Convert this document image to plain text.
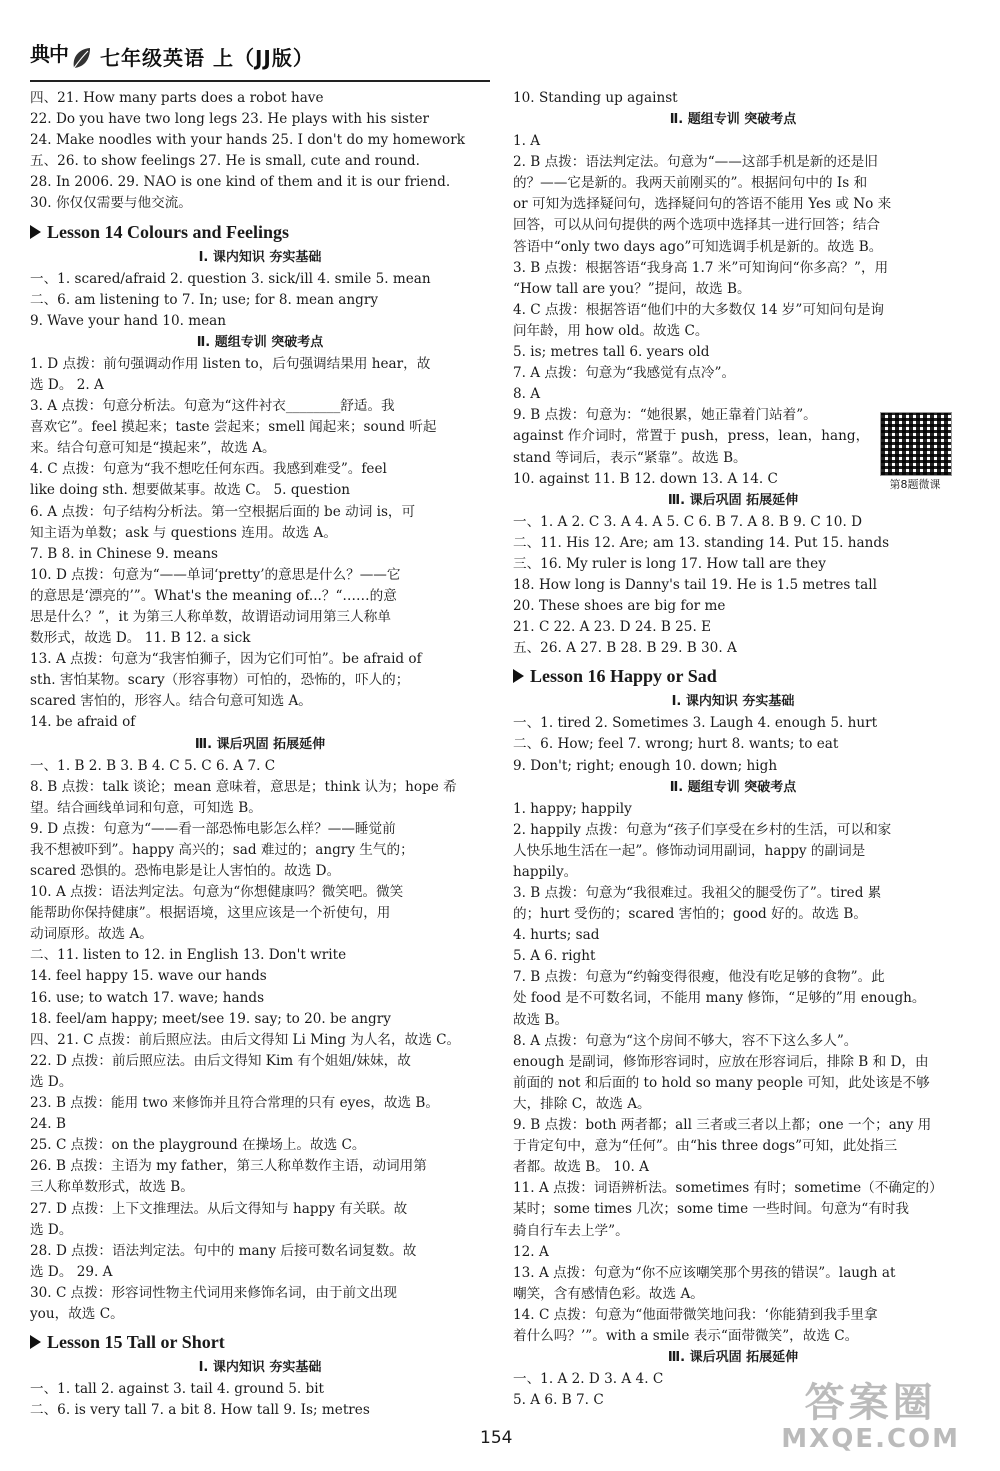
典中	七年级英语 上（JJ版）
四、21. How many parts does a robot have
22. Do you have two long legs 23. He plays with his sister
24. Make noodles with your hands 25. I don't do my homework
五、26. to show feelings 27. He is small, cute and round.
28. In 2006. 29. NAO is one kind of them and it is our friend.
30. 你仅仅需要与他交流。
Lesson 14 Colours and Feelings
Ⅰ. 课内知识 夯实基础
一、1. scared/afraid 2. question 3. sick/ill 4. smile 5. mean
二、6. am listening to 7. In; use; for 8. mean angry
9. Wave your hand 10. mean
Ⅱ. 题组专训 突破考点
1. D 点拨：前句强调动作用 listen to，后句强调结果用 hear，故
选 D。 2. A
3. A 点拨：句意分析法。句意为“这件衬衣________舒适。我
喜欢它”。feel 摸起来；taste 尝起来；smell 闻起来；sound 听起
来。结合句意可知是“摸起来”，故选 A。
4. C 点拨：句意为“我不想吃任何东西。我感到难受”。feel
like doing sth. 想要做某事。故选 C。 5. question
6. A 点拨：句子结构分析法。第一空根据后面的 be 动词 is，可
知主语为单数；ask 与 questions 连用。故选 A。
7. B 8. in Chinese 9. means
10. D 点拨：句意为“——单词‘pretty’的意思是什么？——它
的意思是‘漂亮的’”。What's the meaning of...？“……的意
思是什么？”，it 为第三人称单数，故谓语动词用第三人称单
数形式，故选 D。 11. B 12. a sick
13. A 点拨：句意为“我害怕狮子，因为它们可怕”。be afraid of
sth. 害怕某物。scary（形容事物）可怕的，恐怖的，吓人的；
scared 害怕的，形容人。结合句意可知选 A。
14. be afraid of
Ⅲ. 课后巩固 拓展延伸
一、1. B 2. B 3. B 4. C 5. C 6. A 7. C
8. B 点拨：talk 谈论；mean 意味着，意思是；think 认为；hope 希
望。结合画线单词和句意，可知选 B。
9. D 点拨：句意为“——看一部恐怖电影怎么样？——睡觉前
我不想被吓到”。happy 高兴的；sad 难过的；angry 生气的；
scared 恐惧的。恐怖电影是让人害怕的。故选 D。
10. A 点拨：语法判定法。句意为“你想健康吗？微笑吧。微笑
能帮助你保持健康”。根据语境，这里应该是一个祈使句，用
动词原形。故选 A。
二、11. listen to 12. in English 13. Don't write
14. feel happy 15. wave our hands
16. use; to watch 17. wave; hands
18. feel/am happy; meet/see 19. say; to 20. be angry
四、21. C 点拨：前后照应法。由后文得知 Li Ming 为人名，故选 C。
22. D 点拨：前后照应法。由后文得知 Kim 有个姐姐/妹妹，故
选 D。
23. B 点拨：能用 two 来修饰并且符合常理的只有 eyes，故选 B。
24. B
25. C 点拨：on the playground 在操场上。故选 C。
26. B 点拨：主语为 my father，第三人称单数作主语，动词用第
三人称单数形式，故选 B。
27. D 点拨：上下文推理法。从后文得知与 happy 有关联。故
选 D。
28. D 点拨：语法判定法。句中的 many 后接可数名词复数。故
选 D。 29. A
30. C 点拨：形容词性物主代词用来修饰名词，由于前文出现
you，故选 C。
Lesson 15 Tall or Short
Ⅰ. 课内知识 夯实基础
一、1. tall 2. against 3. tail 4. ground 5. bit
二、6. is very tall 7. a bit 8. How tall 9. Is; metres
10. Standing up against
Ⅱ. 题组专训 突破考点
1. A
2. B 点拨：语法判定法。句意为“——这部手机是新的还是旧
的？——它是新的。我两天前刚买的”。根据问句中的 Is 和
or 可知为选择疑问句，选择疑问句的答语不能用 Yes 或 No 来
回答，可以从问句提供的两个选项中选择其一进行回答；结合
答语中“only two days ago”可知选调手机是新的。故选 B。
3. B 点拨：根据答语“我身高 1.7 米”可知询问“你多高？”，用
“How tall are you？”提问，故选 B。
4. C 点拨：根据答语“他们中的大多数仅 14 岁”可知问句是询
问年龄，用 how old。故选 C。
5. is; metres tall 6. years old
7. A 点拨：句意为“我感觉有点冷”。
8. A
9. B 点拨：句意为：“她很累，她正靠着门站着”。
against 作介词时，常置于 push，press，lean，hang，
stand 等词后，表示“紧靠”。故选 B。
10. against 11. B 12. down 13. A 14. C
Ⅲ. 课后巩固 拓展延伸
一、1. A 2. C 3. A 4. A 5. C 6. B 7. A 8. B 9. C 10. D
二、11. His 12. Are; am 13. standing 14. Put 15. hands
三、16. My ruler is long 17. How tall are they
18. How long is Danny's tail 19. He is 1.5 metres tall
20. These shoes are big for me
21. C 22. A 23. D 24. B 25. E
五、26. A 27. B 28. B 29. B 30. A
Lesson 16 Happy or Sad
Ⅰ. 课内知识 夯实基础
一、1. tired 2. Sometimes 3. Laugh 4. enough 5. hurt
二、6. How; feel 7. wrong; hurt 8. wants; to eat
9. Don't; right; enough 10. down; high
Ⅱ. 题组专训 突破考点
1. happy; happily
2. happily 点拨：句意为“孩子们享受在乡村的生活，可以和家
人快乐地生活在一起”。修饰动词用副词，happy 的副词是
happily。
3. B 点拨：句意为“我很难过。我祖父的腿受伤了”。tired 累
的；hurt 受伤的；scared 害怕的；good 好的。故选 B。
4. hurts; sad
5. A 6. right
7. B 点拨：句意为“约翰变得很瘦，他没有吃足够的食物”。此
处 food 是不可数名词，不能用 many 修饰，“足够的”用 enough。
故选 B。
8. A 点拨：句意为“这个房间不够大，容不下这么多人”。
enough 是副词，修饰形容词时，应放在形容词后，排除 B 和 D，由
前面的 not 和后面的 to hold so many people 可知，此处该是不够
大，排除 C，故选 A。
9. B 点拨：both 两者都；all 三者或三者以上都；one 一个；any 用
于肯定句中，意为“任何”。由“his three dogs”可知，此处指三
者都。故选 B。 10. A
11. A 点拨：词语辨析法。sometimes 有时；sometime（不确定的）
某时；some times 几次；some time 一些时间。句意为“有时我
骑自行车去上学”。
12. A
13. A 点拨：句意为“你不应该嘲笑那个男孩的错误”。laugh at
嘲笑，含有感情色彩。故选 A。
14. C 点拨：句意为“他面带微笑地问我：‘你能猜到我手里拿
着什么吗？’”。with a smile 表示“面带微笑”，故选 C。
Ⅲ. 课后巩固 拓展延伸
一、1. A 2. D 3. A 4. C
5. A 6. B 7. C
第8题微课
154
答案圈
MXQE.COM
